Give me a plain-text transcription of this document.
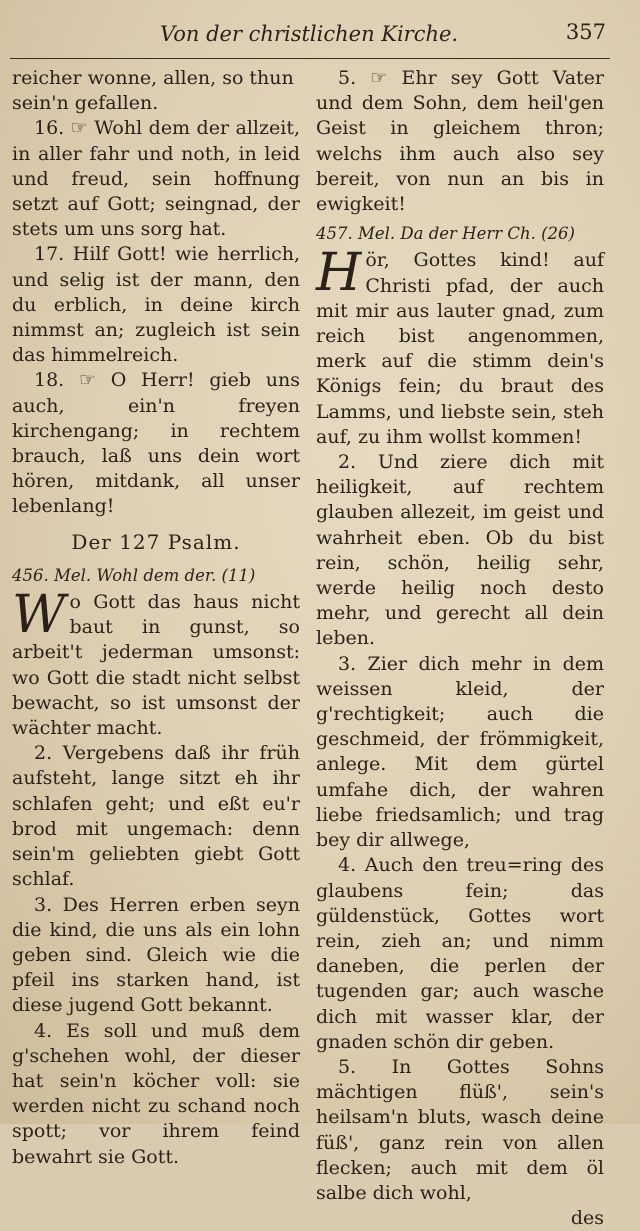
Von der christlichen Kirche.	357

reicher wonne, allen, so thun

sein'n gefallen.

16. ☞ Wohl dem der allzeit, in aller fahr und noth, in leid und freud, sein hoffnung setzt auf Gott; seingnad, der stets um uns sorg hat.

17. Hilf Gott! wie herrlich, und selig ist der mann, den du erblich, in deine kirch nimmst an; zugleich ist sein das himmelreich.

18. ☞ O Herr! gieb uns auch, ein'n freyen kirchengang; in rechtem brauch, laß uns dein wort hören, mitdank, all unser lebenlang!

Der 127 Psalm.

456. Mel. Wohl dem der. (11)

Wo Gott das haus nicht baut in gunst, so arbeit't jederman umsonst: wo Gott die stadt nicht selbst bewacht, so ist umsonst der wächter macht.

2. Vergebens daß ihr früh aufsteht, lange sitzt eh ihr schlafen geht; und eßt eu'r brod mit ungemach: denn sein'm geliebten giebt Gott schlaf.

3. Des Herren erben seyn die kind, die uns als ein lohn geben sind. Gleich wie die pfeil ins starken hand, ist diese jugend Gott bekannt.

4. Es soll und muß dem g'schehen wohl, der dieser hat sein'n köcher voll: sie werden nicht zu schand noch spott; vor ihrem feind bewahrt sie Gott.

5. ☞ Ehr sey Gott Vater und dem Sohn, dem heil'gen Geist in gleichem thron; welchs ihm auch also sey bereit, von nun an bis in ewigkeit!

457. Mel. Da der Herr Ch. (26)

Hör, Gottes kind! auf Christi pfad, der auch mit mir aus lauter gnad, zum reich bist angenommen, merk auf die stimm dein's Königs fein; du braut des Lamms, und liebste sein, steh auf, zu ihm wollst kommen!

2. Und ziere dich mit heiligkeit, auf rechtem glauben allezeit, im geist und wahrheit eben. Ob du bist rein, schön, heilig sehr, werde heilig noch desto mehr, und gerecht all dein leben.

3. Zier dich mehr in dem weissen kleid, der g'rechtigkeit; auch die geschmeid, der frömmigkeit, anlege. Mit dem gürtel umfahe dich, der wahren liebe friedsamlich; und trag bey dir allwege,

4. Auch den treu=ring des glaubens fein; das güldenstück, Gottes wort rein, zieh an; und nimm daneben, die perlen der tugenden gar; auch wasche dich mit wasser klar, der gnaden schön dir geben.

5. In Gottes Sohns mächtigen flüß', sein's heilsam'n bluts, wasch deine füß', ganz rein von allen flecken; auch mit dem öl salbe dich wohl,

des
